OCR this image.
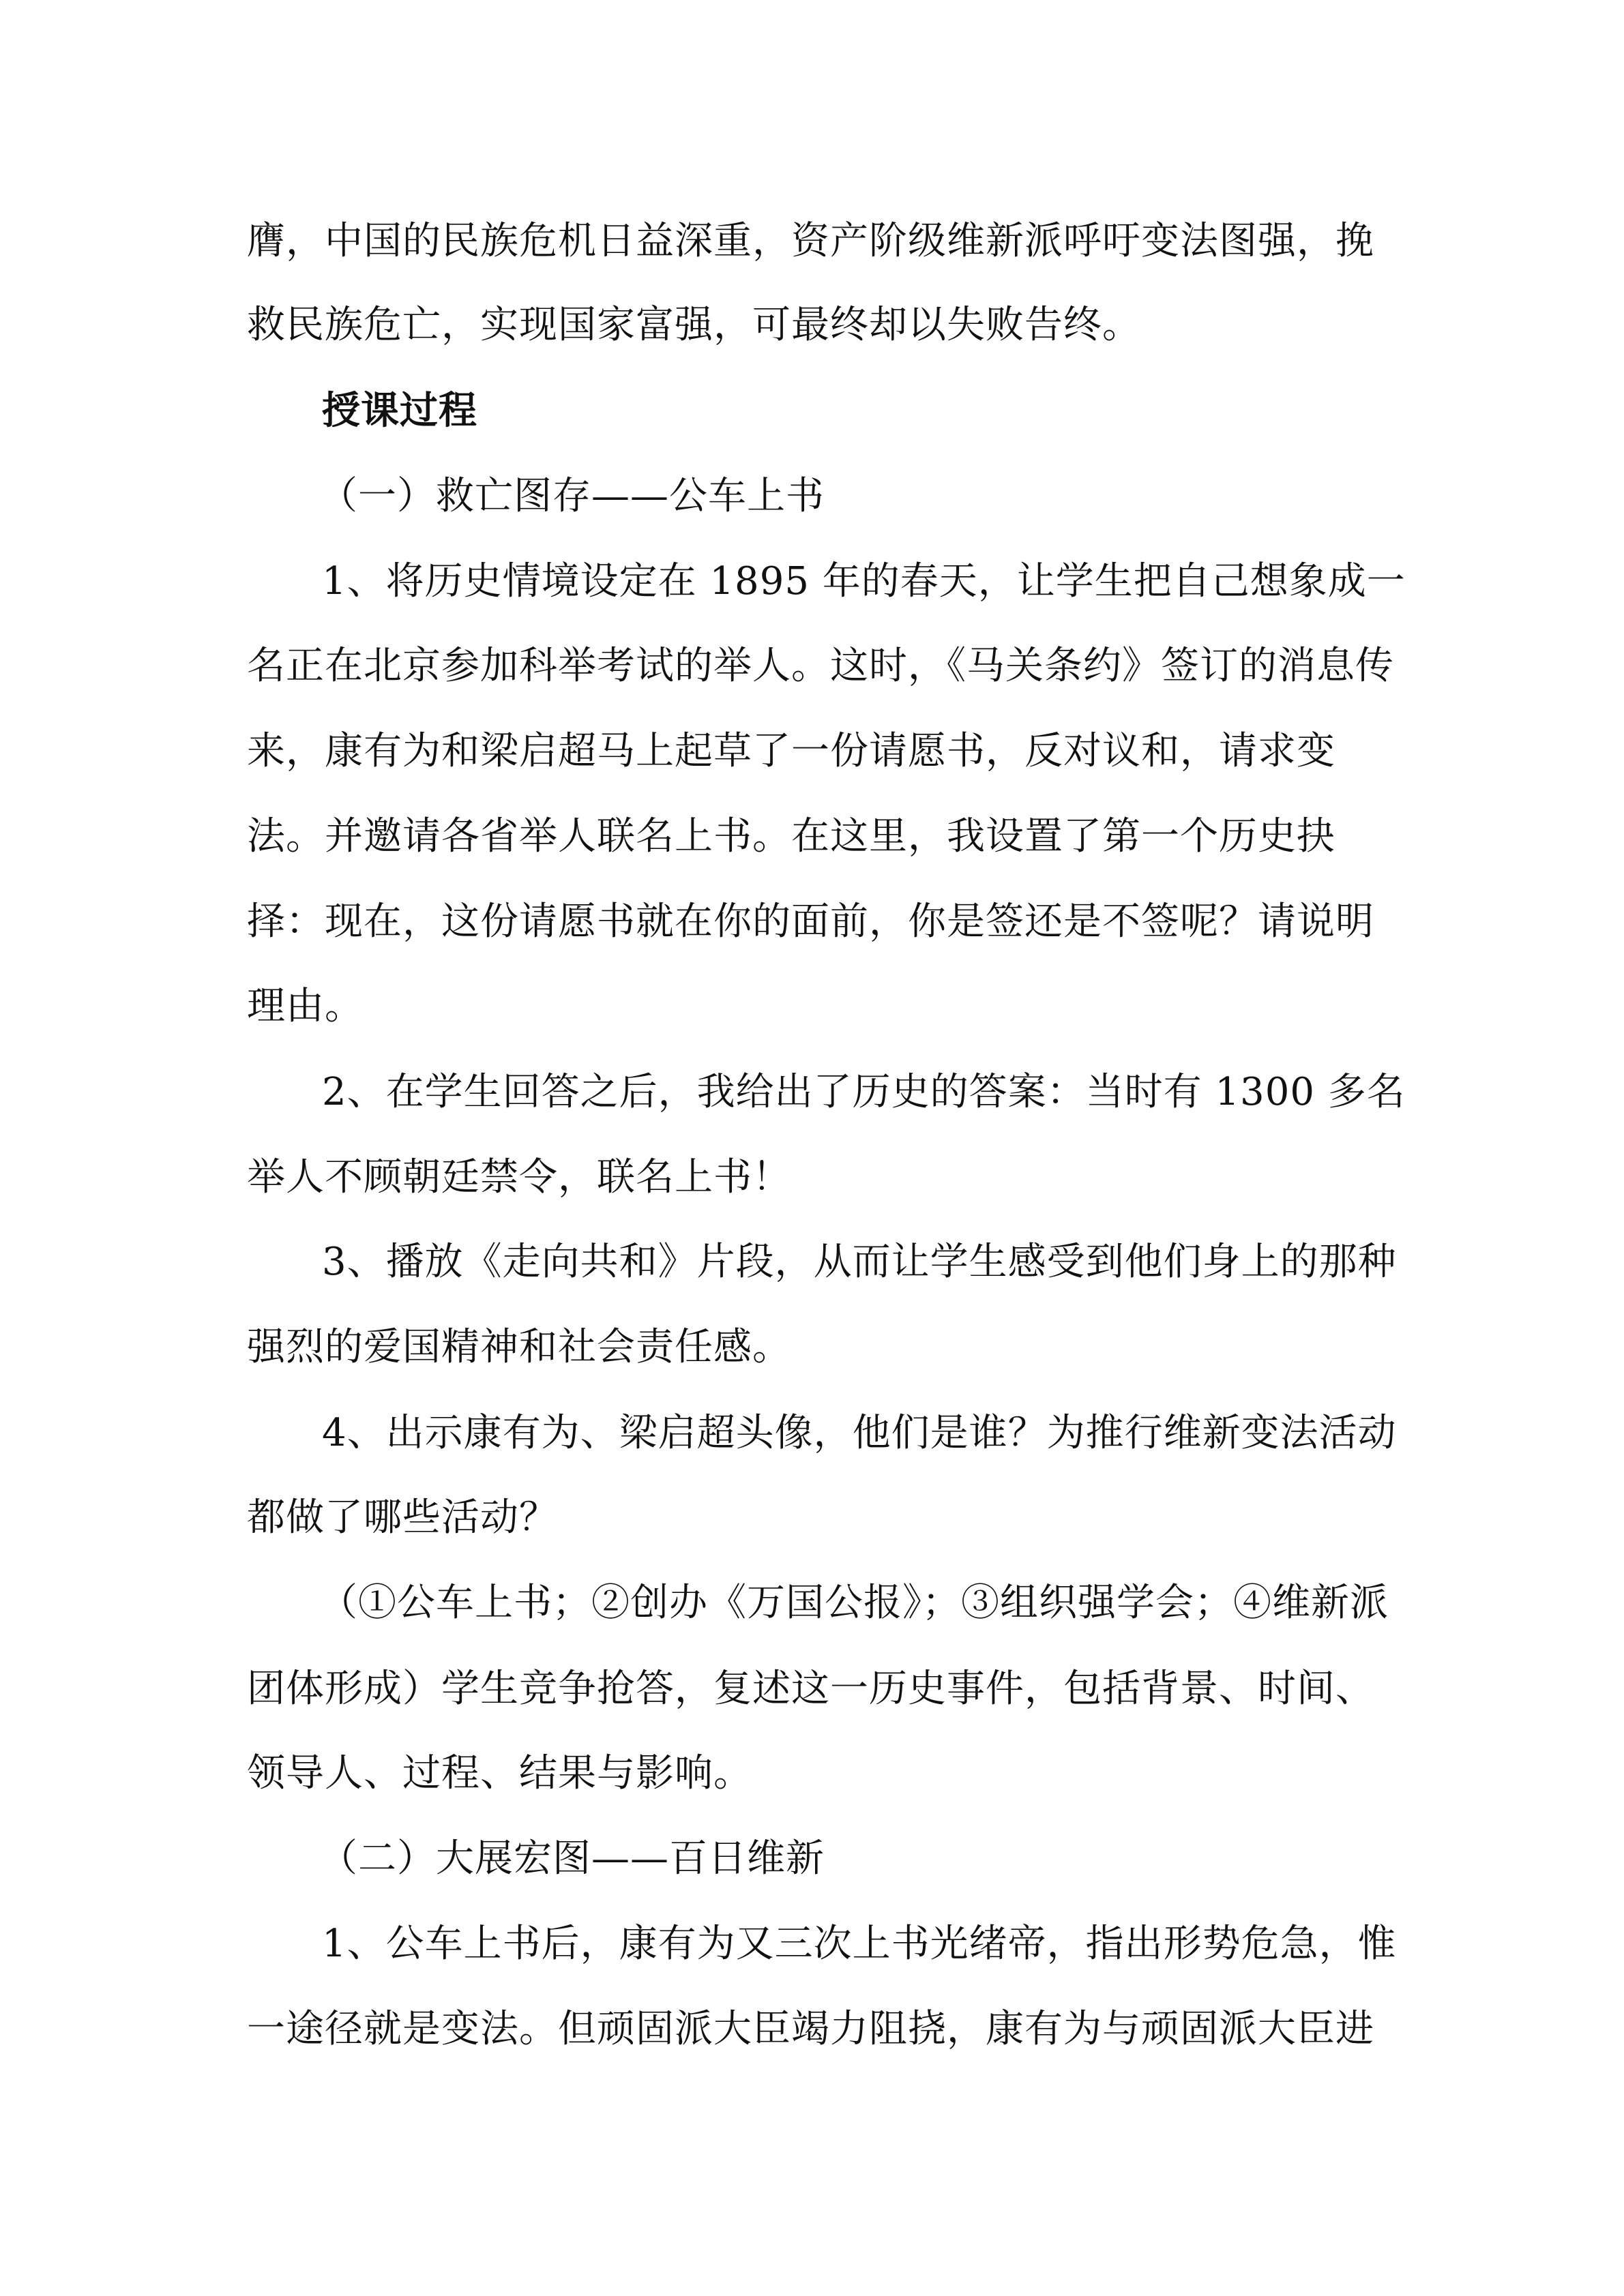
膺，中国的民族危机日益深重，资产阶级维新派呼吁变法图强，挽
救民族危亡，实现国家富强，可最终却以失败告终。
授课过程
（一）救亡图存——公车上书
1、将历史情境设定在 1895 年的春天，让学生把自己想象成一
名正在北京参加科举考试的举人。这时，《马关条约》签订的消息传
来，康有为和梁启超马上起草了一份请愿书，反对议和，请求变
法。并邀请各省举人联名上书。在这里，我设置了第一个历史抉
择：现在，这份请愿书就在你的面前，你是签还是不签呢？请说明
理由。
2、在学生回答之后，我给出了历史的答案：当时有 1300 多名
举人不顾朝廷禁令，联名上书！
3、播放《走向共和》片段，从而让学生感受到他们身上的那种
强烈的爱国精神和社会责任感。
4、出示康有为、梁启超头像，他们是谁？为推行维新变法活动
都做了哪些活动？
（①公车上书；②创办《万国公报》；③组织强学会；④维新派
团体形成）学生竞争抢答，复述这一历史事件，包括背景、时间、
领导人、过程、结果与影响。
（二）大展宏图——百日维新
1、公车上书后，康有为又三次上书光绪帝，指出形势危急，惟
一途径就是变法。但顽固派大臣竭力阻挠，康有为与顽固派大臣进
